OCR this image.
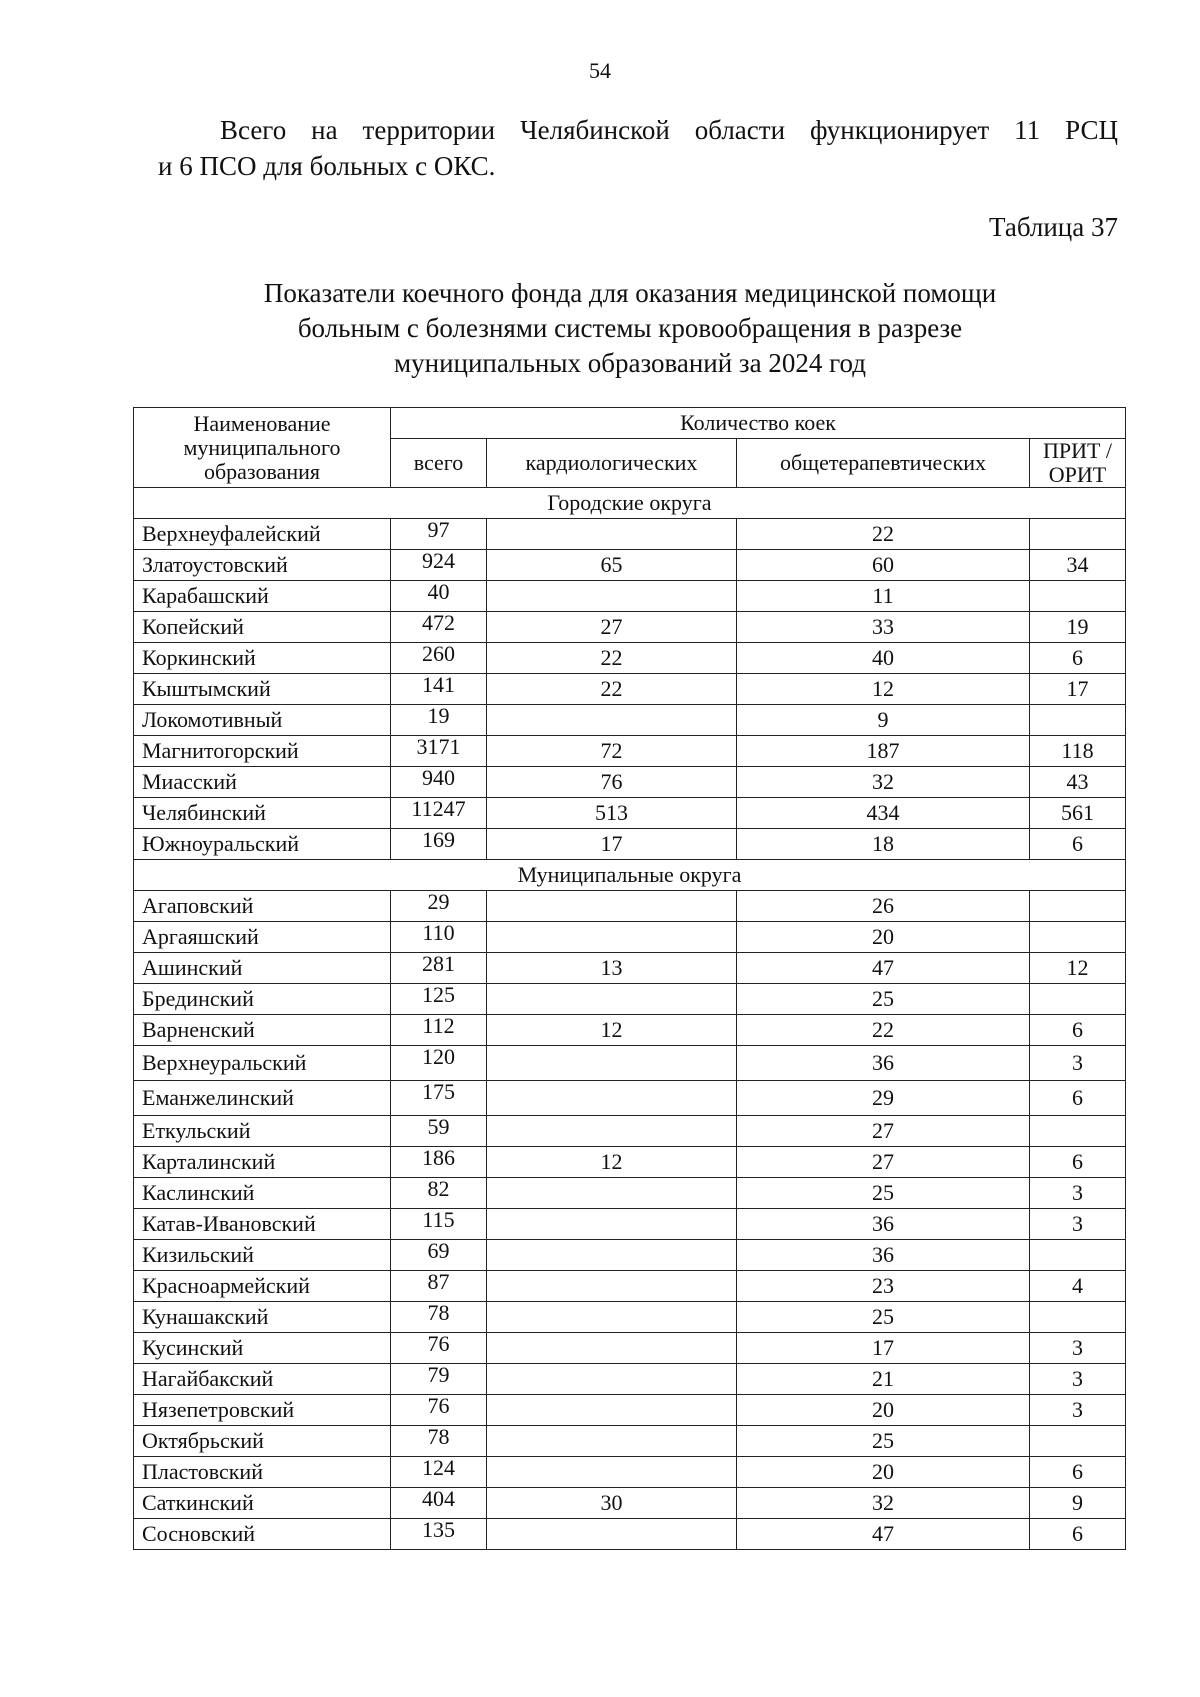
54

Всего на территории Челябинской области функционирует 11 РСЦ
и 6 ПСО для больных с ОКС.

Таблица 37
Показатели коечного фонда для оказания медицинской помощи
больным с болезнями системы кровообращения в разрезе
муниципальных образований за 2024 год
Наименование муниципального образования	Количество коек			
	всего	кардиологических	общетерапевтических	ПРИТ /ОРИТ
Городские округа				
Верхнеуфалейский	97		22	
Златоустовский	924	65	60	34
Карабашский	40		11	
Копейский	472	27	33	19
Коркинский	260	22	40	6
Кыштымский	141	22	12	17
Локомотивный	19		9	
Магнитогорский	3171	72	187	118
Миасский	940	76	32	43
Челябинский	11247	513	434	561
Южноуральский	169	17	18	6
Муниципальные округа				
Агаповский	29		26	
Аргаяшский	110		20	
Ашинский	281	13	47	12
Брединский	125		25	
Варненский	112	12	22	6
Верхнеуральский	120		36	3
Еманжелинский	175		29	6
Еткульский	59		27	
Карталинский	186	12	27	6
Каслинский	82		25	3
Катав-Ивановский	115		36	3
Кизильский	69		36	
Красноармейский	87		23	4
Кунашакский	78		25	
Кусинский	76		17	3
Нагайбакский	79		21	3
Нязепетровский	76		20	3
Октябрьский	78		25	
Пластовский	124		20	6
Саткинский	404	30	32	9
Сосновский	135		47	6
